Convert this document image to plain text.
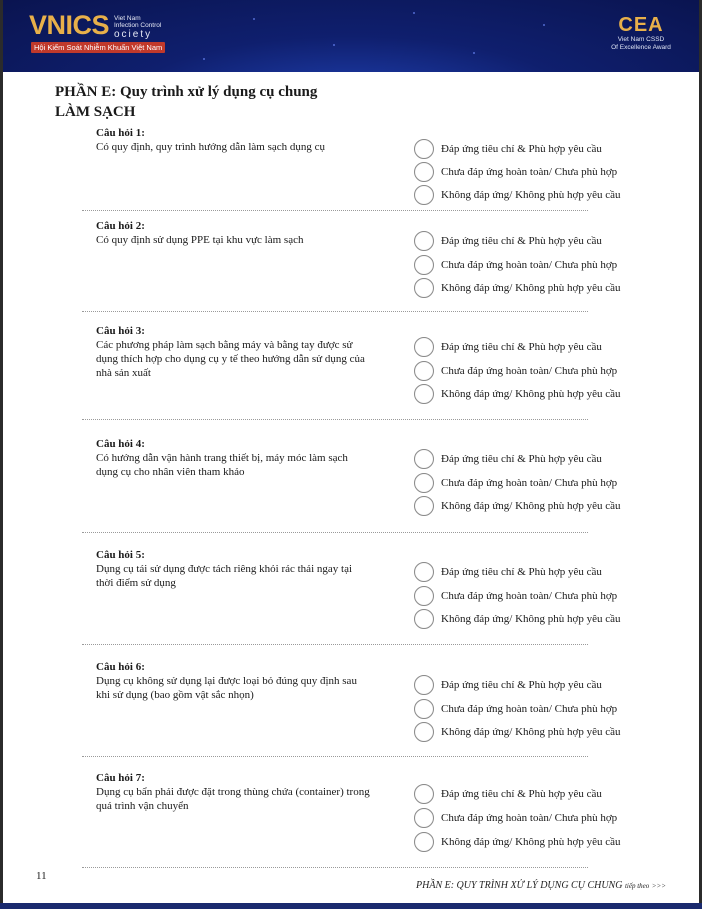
VNICS Viet Nam
Infection Control
ociety
Hội Kiểm Soát Nhiễm Khuẩn Việt Nam
CEA
Viet Nam CSSD
Of Excellence Award
PHẦN E: Quy trình xử lý dụng cụ chung
LÀM SẠCH
Câu hỏi 1:
Có quy định, quy trình hướng dẫn làm sạch dụng cụ	Đáp ứng tiêu chí & Phù hợp yêu cầu
Chưa đáp ứng hoàn toàn/ Chưa phù hợp
Không đáp ứng/ Không phù hợp yêu cầu
Câu hỏi 2:
Có quy định sử dụng PPE tại khu vực làm sạch	Đáp ứng tiêu chí & Phù hợp yêu cầu
Chưa đáp ứng hoàn toàn/ Chưa phù hợp
Không đáp ứng/ Không phù hợp yêu cầu
Câu hỏi 3:
Các phương pháp làm sạch bằng máy và bằng tay được sử dụng thích hợp cho dụng cụ y tế theo hướng dẫn sử dụng của nhà sản xuất
Đáp ứng tiêu chí & Phù hợp yêu cầu
Chưa đáp ứng hoàn toàn/ Chưa phù hợp
Không đáp ứng/ Không phù hợp yêu cầu
Câu hỏi 4:
Có hướng dẫn vận hành trang thiết bị, máy móc làm sạch dụng cụ cho nhân viên tham khảo
Đáp ứng tiêu chí & Phù hợp yêu cầu
Chưa đáp ứng hoàn toàn/ Chưa phù hợp
Không đáp ứng/ Không phù hợp yêu cầu
Câu hỏi 5:
Dụng cụ tái sử dụng được tách riêng khỏi rác thải ngay tại thời điểm sử dụng
Đáp ứng tiêu chí & Phù hợp yêu cầu
Chưa đáp ứng hoàn toàn/ Chưa phù hợp
Không đáp ứng/ Không phù hợp yêu cầu
Câu hỏi 6:
Dụng cụ không sử dụng lại được loại bỏ đúng quy định sau khi sử dụng (bao gồm vật sắc nhọn)
Đáp ứng tiêu chí & Phù hợp yêu cầu
Chưa đáp ứng hoàn toàn/ Chưa phù hợp
Không đáp ứng/ Không phù hợp yêu cầu
Câu hỏi 7:
Dụng cụ bẩn phải được đặt trong thùng chứa (container) trong quá trình vận chuyển
Đáp ứng tiêu chí & Phù hợp yêu cầu
Chưa đáp ứng hoàn toàn/ Chưa phù hợp
Không đáp ứng/ Không phù hợp yêu cầu
11
PHẦN E: QUY TRÌNH XỬ LÝ DỤNG CỤ CHUNG tiếp theo >>>
